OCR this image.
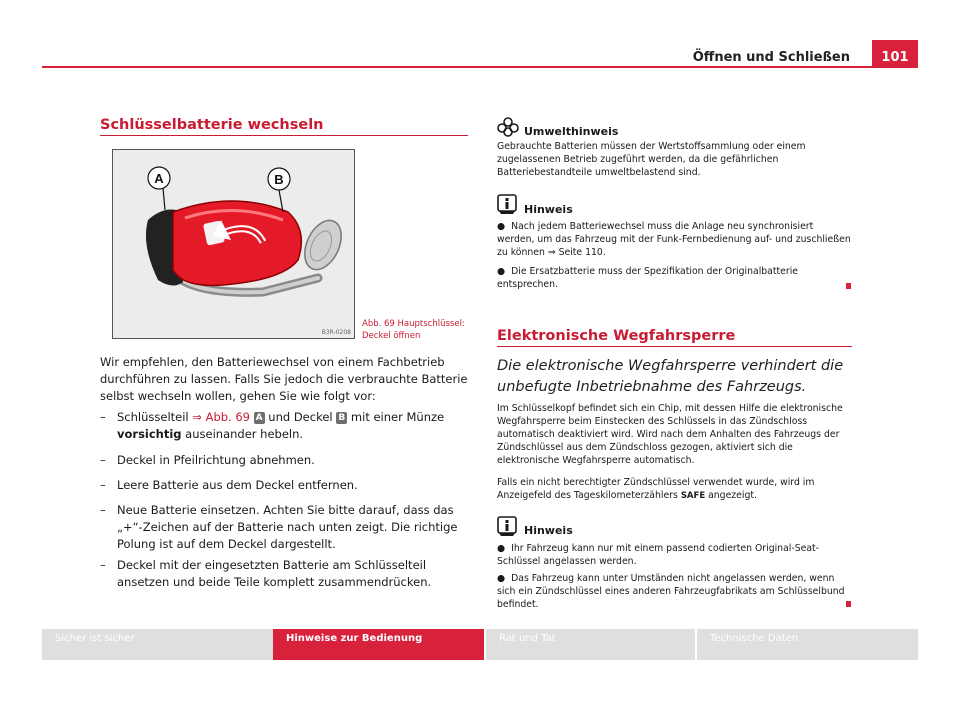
Öffnen und Schließen	101
Schlüsselbatterie wechseln
A	B
B3R-0208
Abb. 69 Hauptschlüssel:
Deckel öffnen
Wir empfehlen, den Batteriewechsel von einem Fachbetrieb durchführen zu lassen. Falls Sie jedoch die verbrauchte Batterie selbst wechseln wollen, gehen Sie wie folgt vor:
– Schlüsselteil ⇒ Abb. 69 A und Deckel B mit einer Münze vorsichtig auseinander hebeln.
– Deckel in Pfeilrichtung abnehmen.
– Leere Batterie aus dem Deckel entfernen.
– Neue Batterie einsetzen. Achten Sie bitte darauf, dass das „+“-Zeichen auf der Batterie nach unten zeigt. Die richtige Polung ist auf dem Deckel dargestellt.
– Deckel mit der eingesetzten Batterie am Schlüsselteil ansetzen und beide Teile komplett zusammendrücken.
Umwelthinweis
Gebrauchte Batterien müssen der Wertstoffsammlung oder einem zugelassenen Betrieb zugeführt werden, da die gefährlichen Batteriebestandteile umweltbelastend sind.
Hinweis
● Nach jedem Batteriewechsel muss die Anlage neu synchronisiert werden, um das Fahrzeug mit der Funk-Fernbedienung auf- und zuschließen zu können ⇒ Seite 110.
● Die Ersatzbatterie muss der Spezifikation der Originalbatterie entsprechen.
Elektronische Wegfahrsperre
Die elektronische Wegfahrsperre verhindert die unbefugte Inbetriebnahme des Fahrzeugs.
Im Schlüsselkopf befindet sich ein Chip, mit dessen Hilfe die elektronische Wegfahrsperre beim Einstecken des Schlüssels in das Zündschloss automatisch deaktiviert wird. Wird nach dem Anhalten des Fahrzeugs der Zündschlüssel aus dem Zündschloss gezogen, aktiviert sich die elektronische Wegfahrsperre automatisch.
Falls ein nicht berechtigter Zündschlüssel verwendet wurde, wird im Anzeigefeld des Tageskilometerzählers SAFE angezeigt.
Hinweis
● Ihr Fahrzeug kann nur mit einem passend codierten Original-Seat-Schlüssel angelassen werden.
● Das Fahrzeug kann unter Umständen nicht angelassen werden, wenn sich ein Zündschlüssel eines anderen Fahrzeugfabrikats am Schlüsselbund befindet.
Sicher ist sicher	Hinweise zur Bedienung	Rat und Tat	Technische Daten
